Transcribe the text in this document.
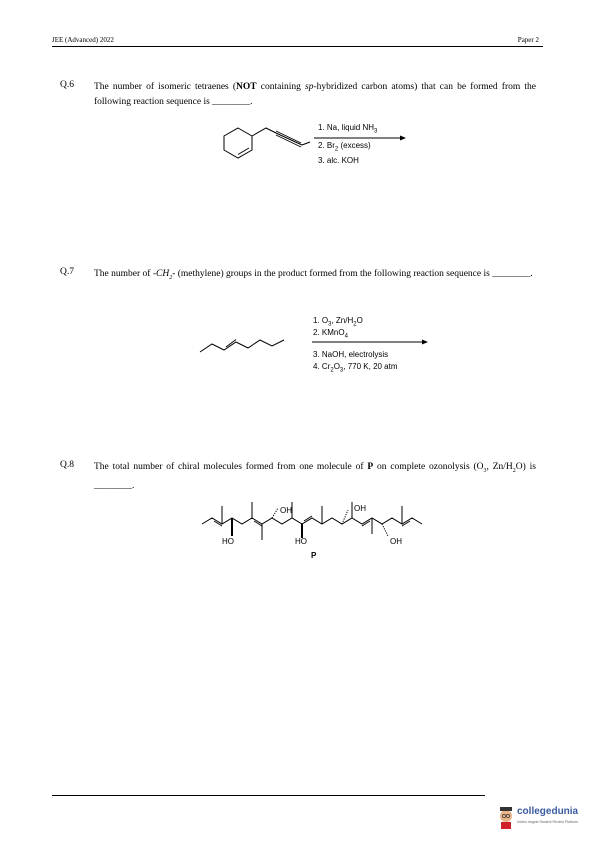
JEE (Advanced) 2022	Paper 2
Q.6 The number of isomeric tetraenes (NOT containing sp-hybridized carbon atoms) that can be formed from the following reaction sequence is ________.
1. Na, liquid $NH_3$
2. $Br_2$ (excess)
3. alc. KOH
Q.7 The number of $-CH_2-$ (methylene) groups in the product formed from the following reaction sequence is ________.
1. $O_3$, $Zn/H_2O$
2. KMnO$_4$
3. NaOH, electrolysis
4. $Cr_2O_3$, 770 K, 20 atm
Q.8 The total number of chiral molecules formed from one molecule of P on complete ozonolysis ($O_3$, $Zn/H_2O$) is ________.
HO
OH
HO
OH
OH
P
collegedunia
India's largest Student Review Platform
